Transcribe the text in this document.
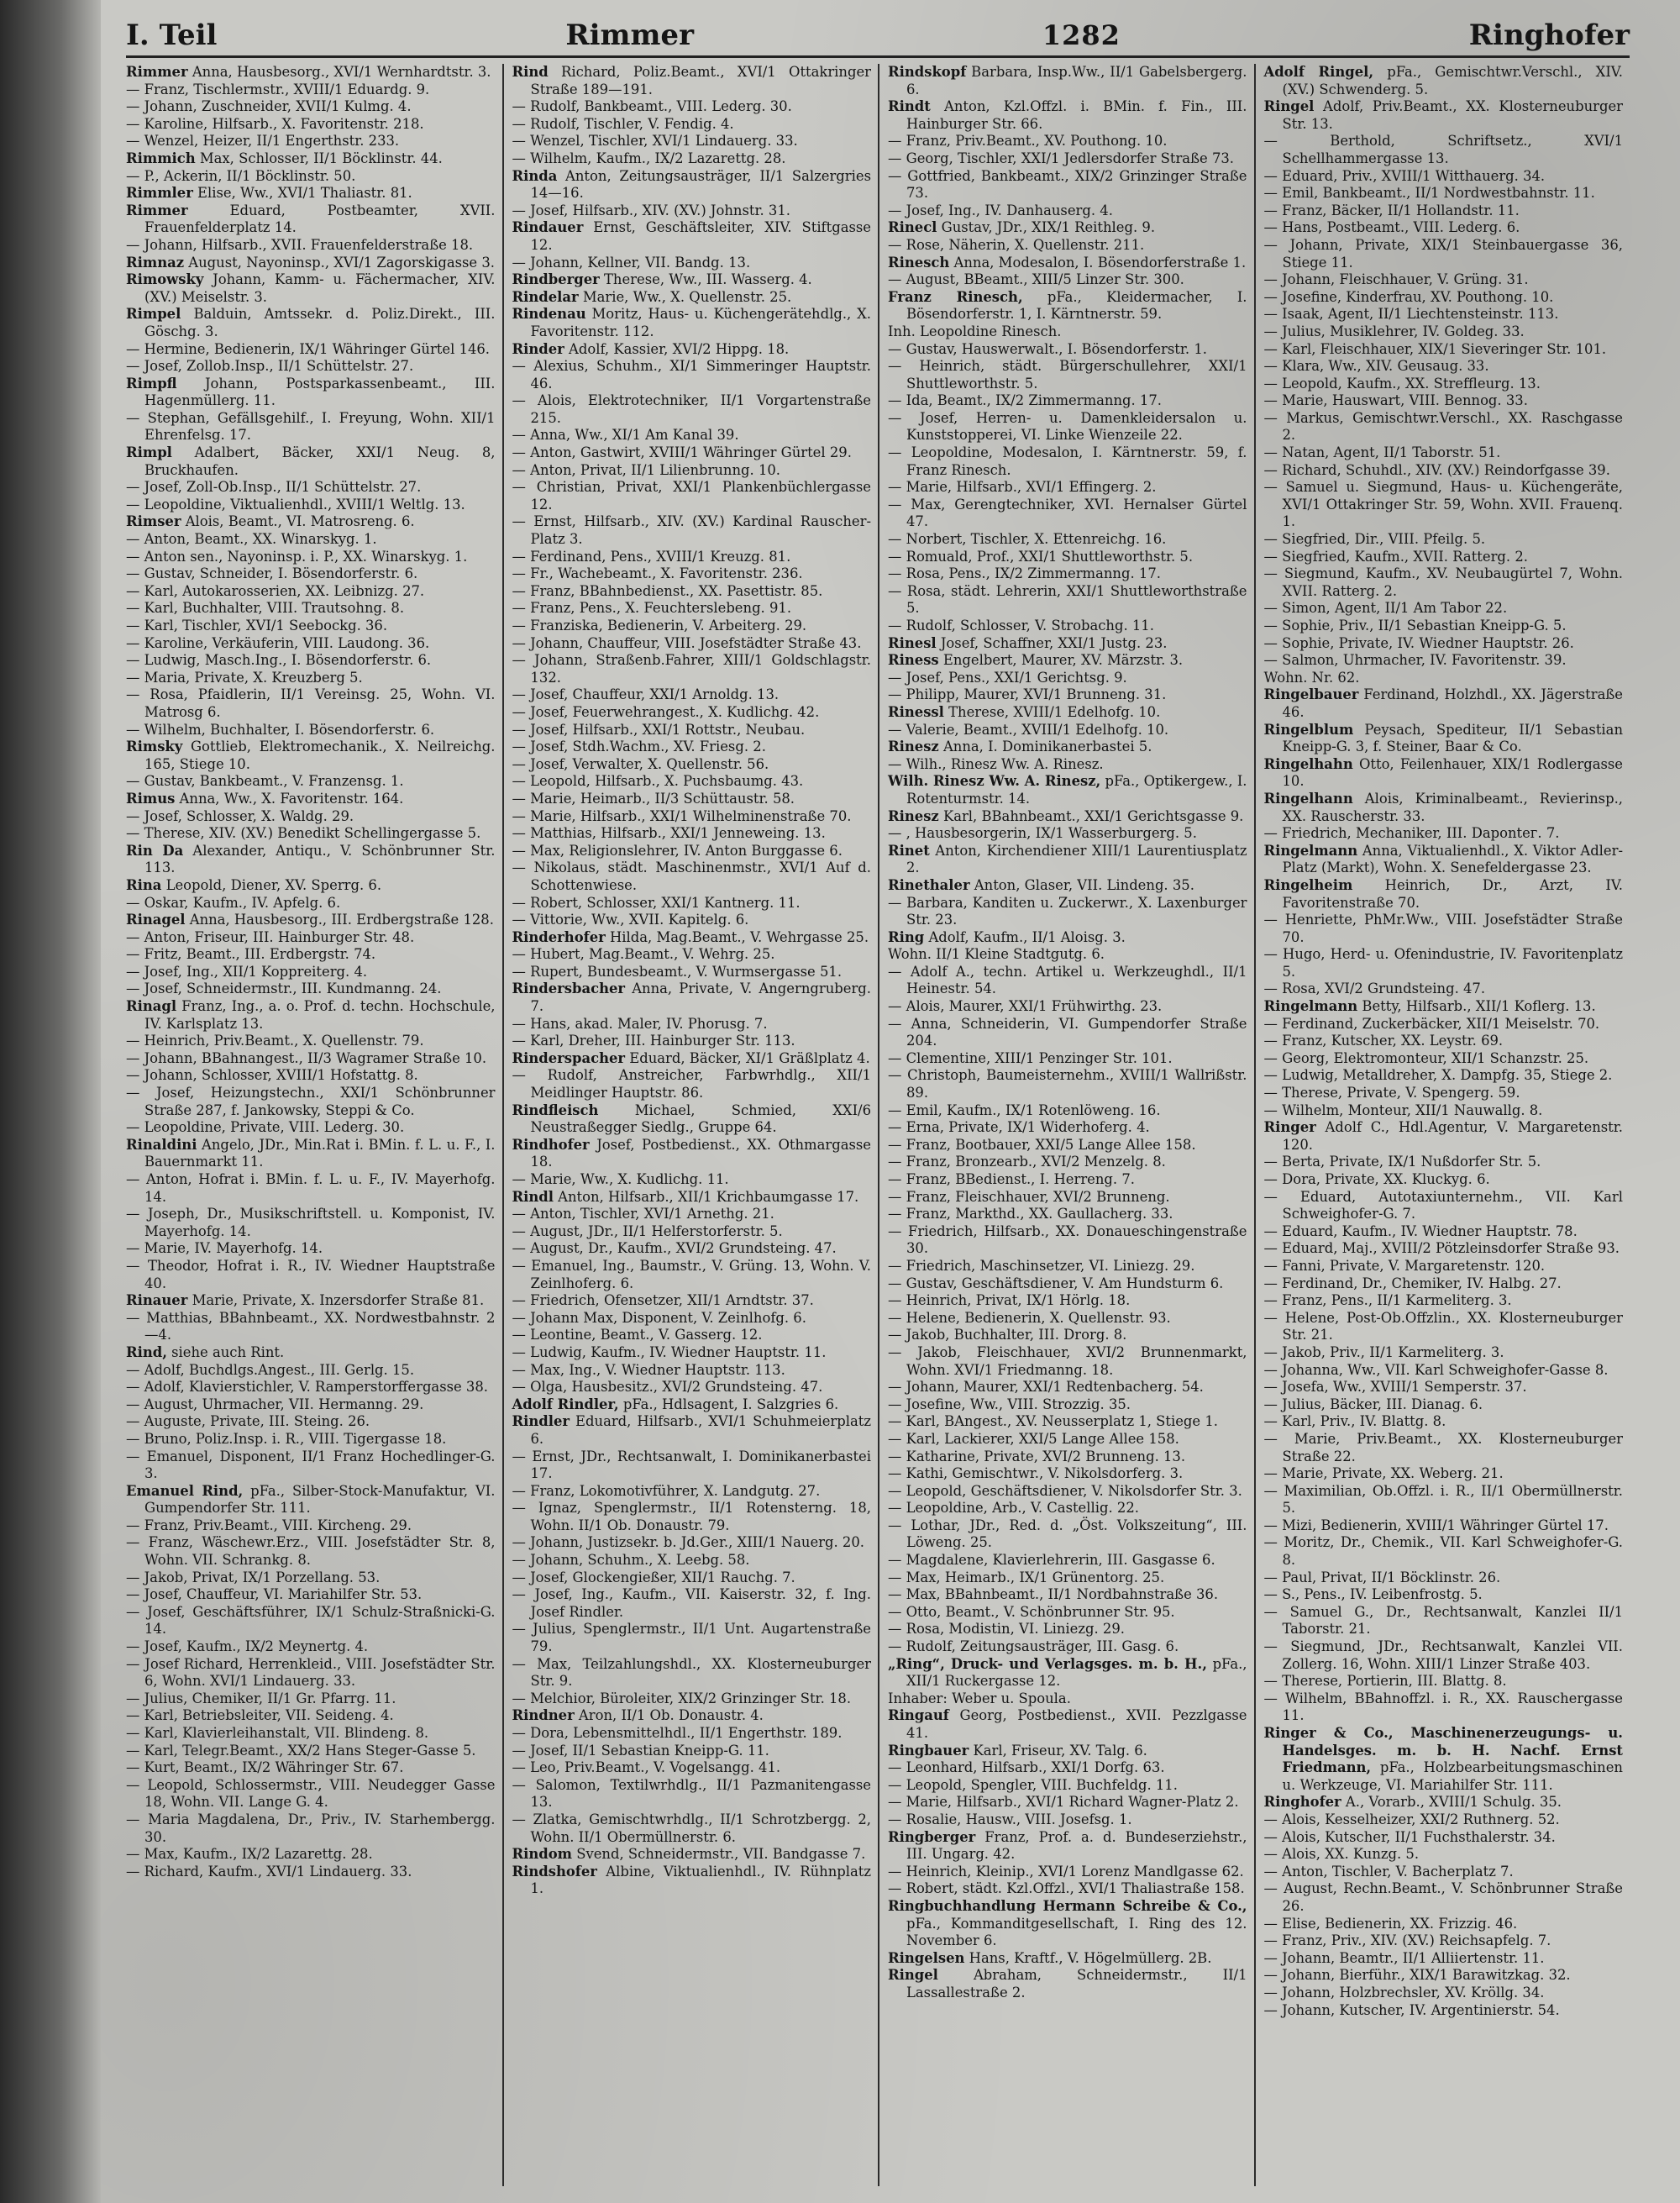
I. Teil	Rimmer	1282	Ringhofer
Rimmer Anna, Hausbesorg., XVI/1 Wernhardtstr. 3.
— Franz, Tischlermstr., XVIII/1 Eduardg. 9.
— Johann, Zuschneider, XVII/1 Kulmg. 4.
— Karoline, Hilfsarb., X. Favoritenstr. 218.
— Wenzel, Heizer, II/1 Engerthstr. 233.
Rimmich Max, Schlosser, II/1 Böcklinstr. 44.
— P., Ackerin, II/1 Böcklinstr. 50.
Rimmler Elise, Ww., XVI/1 Thaliastr. 81.
Rimmer Eduard, Postbeamter, XVII. Frauenfelderplatz 14.
— Johann, Hilfsarb., XVII. Frauenfelderstraße 18.
Rimnaz August, Nayoninsp., XVI/1 Zagorskigasse 3.
Rimowsky Johann, Kamm- u. Fächermacher, XIV. (XV.) Meiselstr. 3.
Rimpel Balduin, Amtssekr. d. Poliz.Direkt., III. Göschg. 3.
— Hermine, Bedienerin, IX/1 Währinger Gürtel 146.
— Josef, Zollob.Insp., II/1 Schüttelstr. 27.
Rimpfl Johann, Postsparkassenbeamt., III. Hagenmüllerg. 11.
— Stephan, Gefällsgehilf., I. Freyung, Wohn. XII/1 Ehrenfelsg. 17.
Rimpl Adalbert, Bäcker, XXI/1 Neug. 8, Bruckhaufen.
— Josef, Zoll-Ob.Insp., II/1 Schüttelstr. 27.
— Leopoldine, Viktualienhdl., XVIII/1 Weltlg. 13.
Rimser Alois, Beamt., VI. Matrosreng. 6.
— Anton, Beamt., XX. Winarskyg. 1.
— Anton sen., Nayoninsp. i. P., XX. Winarskyg. 1.
— Gustav, Schneider, I. Bösendorferstr. 6.
— Karl, Autokarosserien, XX. Leibnizg. 27.
— Karl, Buchhalter, VIII. Trautsohng. 8.
— Karl, Tischler, XVI/1 Seebockg. 36.
— Karoline, Verkäuferin, VIII. Laudong. 36.
— Ludwig, Masch.Ing., I. Bösendorferstr. 6.
— Maria, Private, X. Kreuzberg 5.
— Rosa, Pfaidlerin, II/1 Vereinsg. 25, Wohn. VI. Matrosg 6.
— Wilhelm, Buchhalter, I. Bösendorferstr. 6.
Rimsky Gottlieb, Elektromechanik., X. Neilreichg. 165, Stiege 10.
— Gustav, Bankbeamt., V. Franzensg. 1.
Rimus Anna, Ww., X. Favoritenstr. 164.
— Josef, Schlosser, X. Waldg. 29.
— Therese, XIV. (XV.) Benedikt Schellingergasse 5.
Rin Da Alexander, Antiqu., V. Schönbrunner Str. 113.
Rina Leopold, Diener, XV. Sperrg. 6.
— Oskar, Kaufm., IV. Apfelg. 6.
Rinagel Anna, Hausbesorg., III. Erdbergstraße 128.
— Anton, Friseur, III. Hainburger Str. 48.
— Fritz, Beamt., III. Erdbergstr. 74.
— Josef, Ing., XII/1 Koppreiterg. 4.
— Josef, Schneidermstr., III. Kundmanng. 24.
Rinagl Franz, Ing., a. o. Prof. d. techn. Hochschule, IV. Karlsplatz 13.
— Heinrich, Priv.Beamt., X. Quellenstr. 79.
— Johann, BBahnangest., II/3 Wagramer Straße 10.
— Johann, Schlosser, XVIII/1 Hofstattg. 8.
— Josef, Heizungstechn., XXI/1 Schönbrunner Straße 287, f. Jankowsky, Steppi & Co.
— Leopoldine, Private, VIII. Lederg. 30.
Rinaldini Angelo, JDr., Min.Rat i. BMin. f. L. u. F., I. Bauernmarkt 11.
— Anton, Hofrat i. BMin. f. L. u. F., IV. Mayerhofg. 14.
— Joseph, Dr., Musikschriftstell. u. Komponist, IV. Mayerhofg. 14.
— Marie, IV. Mayerhofg. 14.
— Theodor, Hofrat i. R., IV. Wiedner Hauptstraße 40.
Rinauer Marie, Private, X. Inzersdorfer Straße 81.
— Matthias, BBahnbeamt., XX. Nordwestbahnstr. 2—4.
Rind, siehe auch Rint.
— Adolf, Buchdlgs.Angest., III. Gerlg. 15.
— Adolf, Klavierstichler, V. Ramperstorffergasse 38.
— August, Uhrmacher, VII. Hermanng. 29.
— Auguste, Private, III. Steing. 26.
— Bruno, Poliz.Insp. i. R., VIII. Tigergasse 18.
— Emanuel, Disponent, II/1 Franz Hochedlinger-G. 3.
Emanuel Rind, pFa., Silber-Stock-Manufaktur, VI. Gumpendorfer Str. 111.
— Franz, Priv.Beamt., VIII. Kircheng. 29.
— Franz, Wäschewr.Erz., VIII. Josefstädter Str. 8, Wohn. VII. Schrankg. 8.
— Jakob, Privat, IX/1 Porzellang. 53.
— Josef, Chauffeur, VI. Mariahilfer Str. 53.
— Josef, Geschäftsführer, IX/1 Schulz-Straßnicki-G. 14.
— Josef, Kaufm., IX/2 Meynertg. 4.
— Josef Richard, Herrenkleid., VIII. Josefstädter Str. 6, Wohn. XVI/1 Lindauerg. 33.
— Julius, Chemiker, II/1 Gr. Pfarrg. 11.
— Karl, Betriebsleiter, VII. Seideng. 4.
— Karl, Klavierleihanstalt, VII. Blindeng. 8.
— Karl, Telegr.Beamt., XX/2 Hans Steger-Gasse 5.
— Kurt, Beamt., IX/2 Währinger Str. 67.
— Leopold, Schlossermstr., VIII. Neudegger Gasse 18, Wohn. VII. Lange G. 4.
— Maria Magdalena, Dr., Priv., IV. Starhembergg. 30.
— Max, Kaufm., IX/2 Lazarettg. 28.
— Richard, Kaufm., XVI/1 Lindauerg. 33.
Rind Richard, Poliz.Beamt., XVI/1 Ottakringer Straße 189—191.
— Rudolf, Bankbeamt., VIII. Lederg. 30.
— Rudolf, Tischler, V. Fendig. 4.
— Wenzel, Tischler, XVI/1 Lindauerg. 33.
— Wilhelm, Kaufm., IX/2 Lazarettg. 28.
Rinda Anton, Zeitungsausträger, II/1 Salzergries 14—16.
— Josef, Hilfsarb., XIV. (XV.) Johnstr. 31.
Rindauer Ernst, Geschäftsleiter, XIV. Stiftgasse 12.
— Johann, Kellner, VII. Bandg. 13.
Rindberger Therese, Ww., III. Wasserg. 4.
Rindelar Marie, Ww., X. Quellenstr. 25.
Rindenau Moritz, Haus- u. Küchengerätehdlg., X. Favoritenstr. 112.
Rinder Adolf, Kassier, XVI/2 Hippg. 18.
— Alexius, Schuhm., XI/1 Simmeringer Hauptstr. 46.
— Alois, Elektrotechniker, II/1 Vorgartenstraße 215.
— Anna, Ww., XI/1 Am Kanal 39.
— Anton, Gastwirt, XVIII/1 Währinger Gürtel 29.
— Anton, Privat, II/1 Lilienbrunng. 10.
— Christian, Privat, XXI/1 Plankenbüchlergasse 12.
— Ernst, Hilfsarb., XIV. (XV.) Kardinal Rauscher-Platz 3.
— Ferdinand, Pens., XVIII/1 Kreuzg. 81.
— Fr., Wachebeamt., X. Favoritenstr. 236.
— Franz, BBahnbedienst., XX. Pasettistr. 85.
— Franz, Pens., X. Feuchterslebeng. 91.
— Franziska, Bedienerin, V. Arbeiterg. 29.
— Johann, Chauffeur, VIII. Josefstädter Straße 43.
— Johann, Straßenb.Fahrer, XIII/1 Goldschlagstr. 132.
— Josef, Chauffeur, XXI/1 Arnoldg. 13.
— Josef, Feuerwehrangest., X. Kudlichg. 42.
— Josef, Hilfsarb., XXI/1 Rottstr., Neubau.
— Josef, Stdh.Wachm., XV. Friesg. 2.
— Josef, Verwalter, X. Quellenstr. 56.
— Leopold, Hilfsarb., X. Puchsbaumg. 43.
— Marie, Heimarb., II/3 Schüttaustr. 58.
— Marie, Hilfsarb., XXI/1 Wilhelminenstraße 70.
— Matthias, Hilfsarb., XXI/1 Jenneweing. 13.
— Max, Religionslehrer, IV. Anton Burggasse 6.
— Nikolaus, städt. Maschinenmstr., XVI/1 Auf d. Schottenwiese.
— Robert, Schlosser, XXI/1 Kantnerg. 11.
— Vittorie, Ww., XVII. Kapitelg. 6.
Rinderhofer Hilda, Mag.Beamt., V. Wehrgasse 25.
— Hubert, Mag.Beamt., V. Wehrg. 25.
— Rupert, Bundesbeamt., V. Wurmsergasse 51.
Rindersbacher Anna, Private, V. Angerngruberg. 7.
— Hans, akad. Maler, IV. Phorusg. 7.
— Karl, Dreher, III. Hainburger Str. 113.
Rinderspacher Eduard, Bäcker, XI/1 Gräßlplatz 4.
— Rudolf, Anstreicher, Farbwrhdlg., XII/1 Meidlinger Hauptstr. 86.
Rindfleisch Michael, Schmied, XXI/6 Neustraßegger Siedlg., Gruppe 64.
Rindhofer Josef, Postbedienst., XX. Othmargasse 18.
— Marie, Ww., X. Kudlichg. 11.
Rindl Anton, Hilfsarb., XII/1 Krichbaumgasse 17.
— Anton, Tischler, XVI/1 Arnethg. 21.
— August, JDr., II/1 Helferstorferstr. 5.
— August, Dr., Kaufm., XVI/2 Grundsteing. 47.
— Emanuel, Ing., Baumstr., V. Grüng. 13, Wohn. V. Zeinlhoferg. 6.
— Friedrich, Ofensetzer, XII/1 Arndtstr. 37.
— Johann Max, Disponent, V. Zeinlhofg. 6.
— Leontine, Beamt., V. Gasserg. 12.
— Ludwig, Kaufm., IV. Wiedner Hauptstr. 11.
— Max, Ing., V. Wiedner Hauptstr. 113.
— Olga, Hausbesitz., XVI/2 Grundsteing. 47.
Adolf Rindler, pFa., Hdlsagent, I. Salzgries 6.
Rindler Eduard, Hilfsarb., XVI/1 Schuhmeierplatz 6.
— Ernst, JDr., Rechtsanwalt, I. Dominikanerbastei 17.
— Franz, Lokomotivführer, X. Landgutg. 27.
— Ignaz, Spenglermstr., II/1 Rotensterng. 18, Wohn. II/1 Ob. Donaustr. 79.
— Johann, Justizsekr. b. Jd.Ger., XIII/1 Nauerg. 20.
— Johann, Schuhm., X. Leebg. 58.
— Josef, Glockengießer, XII/1 Rauchg. 7.
— Josef, Ing., Kaufm., VII. Kaiserstr. 32, f. Ing. Josef Rindler.
— Julius, Spenglermstr., II/1 Unt. Augartenstraße 79.
— Max, Teilzahlungshdl., XX. Klosterneuburger Str. 9.
— Melchior, Büroleiter, XIX/2 Grinzinger Str. 18.
Rindner Aron, II/1 Ob. Donaustr. 4.
— Dora, Lebensmittelhdl., II/1 Engerthstr. 189.
— Josef, II/1 Sebastian Kneipp-G. 11.
— Leo, Priv.Beamt., V. Vogelsangg. 41.
— Salomon, Textilwrhdlg., II/1 Pazmanitengasse 13.
— Zlatka, Gemischtwrhdlg., II/1 Schrotzbergg. 2, Wohn. II/1 Obermüllnerstr. 6.
Rindom Svend, Schneidermstr., VII. Bandgasse 7.
Rindshofer Albine, Viktualienhdl., IV. Rühnplatz 1.
Rindskopf Barbara, Insp.Ww., II/1 Gabelsbergerg. 6.
Rindt Anton, Kzl.Offzl. i. BMin. f. Fin., III. Hainburger Str. 66.
— Franz, Priv.Beamt., XV. Pouthong. 10.
— Georg, Tischler, XXI/1 Jedlersdorfer Straße 73.
— Gottfried, Bankbeamt., XIX/2 Grinzinger Straße 73.
— Josef, Ing., IV. Danhauserg. 4.
Rinecl Gustav, JDr., XIX/1 Reithleg. 9.
— Rose, Näherin, X. Quellenstr. 211.
Rinesch Anna, Modesalon, I. Bösendorferstraße 1.
— August, BBeamt., XIII/5 Linzer Str. 300.
Franz Rinesch, pFa., Kleidermacher, I. Bösendorferstr. 1, I. Kärntnerstr. 59.
Inh. Leopoldine Rinesch.
— Gustav, Hauswerwalt., I. Bösendorferstr. 1.
— Heinrich, städt. Bürgerschullehrer, XXI/1 Shuttleworthstr. 5.
— Ida, Beamt., IX/2 Zimmermanng. 17.
— Josef, Herren- u. Damenkleidersalon u. Kunststopperei, VI. Linke Wienzeile 22.
— Leopoldine, Modesalon, I. Kärntnerstr. 59, f. Franz Rinesch.
— Marie, Hilfsarb., XVI/1 Effingerg. 2.
— Max, Gerengtechniker, XVI. Hernalser Gürtel 47.
— Norbert, Tischler, X. Ettenreichg. 16.
— Romuald, Prof., XXI/1 Shuttleworthstr. 5.
— Rosa, Pens., IX/2 Zimmermanng. 17.
— Rosa, städt. Lehrerin, XXI/1 Shuttleworthstraße 5.
— Rudolf, Schlosser, V. Strobachg. 11.
Rinesl Josef, Schaffner, XXI/1 Justg. 23.
Riness Engelbert, Maurer, XV. Märzstr. 3.
— Josef, Pens., XXI/1 Gerichtsg. 9.
— Philipp, Maurer, XVI/1 Brunneng. 31.
Rinessl Therese, XVIII/1 Edelhofg. 10.
— Valerie, Beamt., XVIII/1 Edelhofg. 10.
Rinesz Anna, I. Dominikanerbastei 5.
— Wilh., Rinesz Ww. A. Rinesz.
Wilh. Rinesz Ww. A. Rinesz, pFa., Optikergew., I. Rotenturmstr. 14.
Rinesz Karl, BBahnbeamt., XXI/1 Gerichtsgasse 9.
— , Hausbesorgerin, IX/1 Wasserburgerg. 5.
Rinet Anton, Kirchendiener XIII/1 Laurentiusplatz 2.
Rinethaler Anton, Glaser, VII. Lindeng. 35.
— Barbara, Kanditen u. Zuckerwr., X. Laxenburger Str. 23.
Ring Adolf, Kaufm., II/1 Aloisg. 3.
Wohn. II/1 Kleine Stadtgutg. 6.
— Adolf A., techn. Artikel u. Werkzeughdl., II/1 Heinestr. 54.
— Alois, Maurer, XXI/1 Frühwirthg. 23.
— Anna, Schneiderin, VI. Gumpendorfer Straße 204.
— Clementine, XIII/1 Penzinger Str. 101.
— Christoph, Baumeisternehm., XVIII/1 Wallrißstr. 89.
— Emil, Kaufm., IX/1 Rotenlöweng. 16.
— Erna, Private, IX/1 Widerhoferg. 4.
— Franz, Bootbauer, XXI/5 Lange Allee 158.
— Franz, Bronzearb., XVI/2 Menzelg. 8.
— Franz, BBedienst., I. Herreng. 7.
— Franz, Fleischhauer, XVI/2 Brunneng.
— Franz, Markthd., XX. Gaullacherg. 33.
— Friedrich, Hilfsarb., XX. Donaueschingenstraße 30.
— Friedrich, Maschinsetzer, VI. Liniezg. 29.
— Gustav, Geschäftsdiener, V. Am Hundsturm 6.
— Heinrich, Privat, IX/1 Hörlg. 18.
— Helene, Bedienerin, X. Quellenstr. 93.
— Jakob, Buchhalter, III. Drorg. 8.
— Jakob, Fleischhauer, XVI/2 Brunnenmarkt, Wohn. XVI/1 Friedmanng. 18.
— Johann, Maurer, XXI/1 Redtenbacherg. 54.
— Josefine, Ww., VIII. Strozzig. 35.
— Karl, BAngest., XV. Neusserplatz 1, Stiege 1.
— Karl, Lackierer, XXI/5 Lange Allee 158.
— Katharine, Private, XVI/2 Brunneng. 13.
— Kathi, Gemischtwr., V. Nikolsdorferg. 3.
— Leopold, Geschäftsdiener, V. Nikolsdorfer Str. 3.
— Leopoldine, Arb., V. Castellig. 22.
— Lothar, JDr., Red. d. „Öst. Volkszeitung“, III. Löweng. 25.
— Magdalene, Klavierlehrerin, III. Gasgasse 6.
— Max, Heimarb., IX/1 Grünentorg. 25.
— Max, BBahnbeamt., II/1 Nordbahnstraße 36.
— Otto, Beamt., V. Schönbrunner Str. 95.
— Rosa, Modistin, VI. Liniezg. 29.
— Rudolf, Zeitungsausträger, III. Gasg. 6.
„Ring“, Druck- und Verlagsges. m. b. H., pFa., XII/1 Ruckergasse 12.
Inhaber: Weber u. Spoula.
Ringauf Georg, Postbedienst., XVII. Pezzlgasse 41.
Ringbauer Karl, Friseur, XV. Talg. 6.
— Leonhard, Hilfsarb., XXI/1 Dorfg. 63.
— Leopold, Spengler, VIII. Buchfeldg. 11.
— Marie, Hilfsarb., XVI/1 Richard Wagner-Platz 2.
— Rosalie, Hausw., VIII. Josefsg. 1.
Ringberger Franz, Prof. a. d. Bundeserziehstr., III. Ungarg. 42.
— Heinrich, Kleinip., XVI/1 Lorenz Mandlgasse 62.
— Robert, städt. Kzl.Offzl., XVI/1 Thaliastraße 158.
Ringbuchhandlung Hermann Schreibe & Co., pFa., Kommanditgesellschaft, I. Ring des 12. November 6.
Ringelsen Hans, Kraftf., V. Högelmüllerg. 2B.
Ringel Abraham, Schneidermstr., II/1 Lassallestraße 2.
Adolf Ringel, pFa., Gemischtwr.Verschl., XIV. (XV.) Schwenderg. 5.
Ringel Adolf, Priv.Beamt., XX. Klosterneuburger Str. 13.
— Berthold, Schriftsetz., XVI/1 Schellhammergasse 13.
— Eduard, Priv., XVIII/1 Witthauerg. 34.
— Emil, Bankbeamt., II/1 Nordwestbahnstr. 11.
— Franz, Bäcker, II/1 Hollandstr. 11.
— Hans, Postbeamt., VIII. Lederg. 6.
— Johann, Private, XIX/1 Steinbauergasse 36, Stiege 11.
— Johann, Fleischhauer, V. Grüng. 31.
— Josefine, Kinderfrau, XV. Pouthong. 10.
— Isaak, Agent, II/1 Liechtensteinstr. 113.
— Julius, Musiklehrer, IV. Goldeg. 33.
— Karl, Fleischhauer, XIX/1 Sieveringer Str. 101.
— Klara, Ww., XIV. Geusaug. 33.
— Leopold, Kaufm., XX. Streffleurg. 13.
— Marie, Hauswart, VIII. Bennog. 33.
— Markus, Gemischtwr.Verschl., XX. Raschgasse 2.
— Natan, Agent, II/1 Taborstr. 51.
— Richard, Schuhdl., XIV. (XV.) Reindorfgasse 39.
— Samuel u. Siegmund, Haus- u. Küchengeräte, XVI/1 Ottakringer Str. 59, Wohn. XVII. Frauenq. 1.
— Siegfried, Dir., VIII. Pfeilg. 5.
— Siegfried, Kaufm., XVII. Ratterg. 2.
— Siegmund, Kaufm., XV. Neubaugürtel 7, Wohn. XVII. Ratterg. 2.
— Simon, Agent, II/1 Am Tabor 22.
— Sophie, Priv., II/1 Sebastian Kneipp-G. 5.
— Sophie, Private, IV. Wiedner Hauptstr. 26.
— Salmon, Uhrmacher, IV. Favoritenstr. 39.
Wohn. Nr. 62.
Ringelbauer Ferdinand, Holzhdl., XX. Jägerstraße 46.
Ringelblum Peysach, Spediteur, II/1 Sebastian Kneipp-G. 3, f. Steiner, Baar & Co.
Ringelhahn Otto, Feilenhauer, XIX/1 Rodlergasse 10.
Ringelhann Alois, Kriminalbeamt., Revierinsp., XX. Rauscherstr. 33.
— Friedrich, Mechaniker, III. Dapontег. 7.
Ringelmann Anna, Viktualienhdl., X. Viktor Adler-Platz (Markt), Wohn. X. Senefeldergasse 23.
Ringelheim Heinrich, Dr., Arzt, IV. Favoritenstraße 70.
— Henriette, PhMr.Ww., VIII. Josefstädter Straße 70.
— Hugo, Herd- u. Ofenindustrie, IV. Favoritenplatz 5.
— Rosa, XVI/2 Grundsteing. 47.
Ringelmann Betty, Hilfsarb., XII/1 Koflerg. 13.
— Ferdinand, Zuckerbäcker, XII/1 Meiselstr. 70.
— Franz, Kutscher, XX. Leystr. 69.
— Georg, Elektromonteur, XII/1 Schanzstr. 25.
— Ludwig, Metalldreher, X. Dampfg. 35, Stiege 2.
— Therese, Private, V. Spengerg. 59.
— Wilhelm, Monteur, XII/1 Nauwallg. 8.
Ringer Adolf C., Hdl.Agentur, V. Margaretenstr. 120.
— Berta, Private, IX/1 Nußdorfer Str. 5.
— Dora, Private, XX. Kluckyg. 6.
— Eduard, Autotaxiunternehm., VII. Karl Schweighofer-G. 7.
— Eduard, Kaufm., IV. Wiedner Hauptstr. 78.
— Eduard, Maj., XVIII/2 Pötzleinsdorfer Straße 93.
— Fanni, Private, V. Margaretenstr. 120.
— Ferdinand, Dr., Chemiker, IV. Halbg. 27.
— Franz, Pens., II/1 Karmeliterg. 3.
— Helene, Post-Ob.Offzlin., XX. Klosterneuburger Str. 21.
— Jakob, Priv., II/1 Karmeliterg. 3.
— Johanna, Ww., VII. Karl Schweighofer-Gasse 8.
— Josefa, Ww., XVIII/1 Semperstr. 37.
— Julius, Bäcker, III. Dianag. 6.
— Karl, Priv., IV. Blattg. 8.
— Marie, Priv.Beamt., XX. Klosterneuburger Straße 22.
— Marie, Private, XX. Weberg. 21.
— Maximilian, Ob.Offzl. i. R., II/1 Obermüllnerstr. 5.
— Mizi, Bedienerin, XVIII/1 Währinger Gürtel 17.
— Moritz, Dr., Chemik., VII. Karl Schweighofer-G. 8.
— Paul, Privat, II/1 Böcklinstr. 26.
— S., Pens., IV. Leibenfrostg. 5.
— Samuel G., Dr., Rechtsanwalt, Kanzlei II/1 Taborstr. 21.
— Siegmund, JDr., Rechtsanwalt, Kanzlei VII. Zollerg. 16, Wohn. XIII/1 Linzer Straße 403.
— Therese, Portierin, III. Blattg. 8.
— Wilhelm, BBahnoffzl. i. R., XX. Rauschergasse 11.
Ringer & Co., Maschinenerzeugungs- u. Handelsges. m. b. H. Nachf. Ernst Friedmann, pFa., Holzbearbeitungsmaschinen u. Werkzeuge, VI. Mariahilfer Str. 111.
Ringhofer A., Vorarb., XVIII/1 Schulg. 35.
— Alois, Kesselheizer, XXI/2 Ruthnerg. 52.
— Alois, Kutscher, II/1 Fuchsthalerstr. 34.
— Alois, XX. Kunzg. 5.
— Anton, Tischler, V. Bacherplatz 7.
— August, Rechn.Beamt., V. Schönbrunner Straße 26.
— Elise, Bedienerin, XX. Frizzig. 46.
— Franz, Priv., XIV. (XV.) Reichsapfelg. 7.
— Johann, Beamtr., II/1 Alliiertenstr. 11.
— Johann, Bierführ., XIX/1 Barawitzkag. 32.
— Johann, Holzbrechsler, XV. Kröllg. 34.
— Johann, Kutscher, IV. Argentinierstr. 54.
